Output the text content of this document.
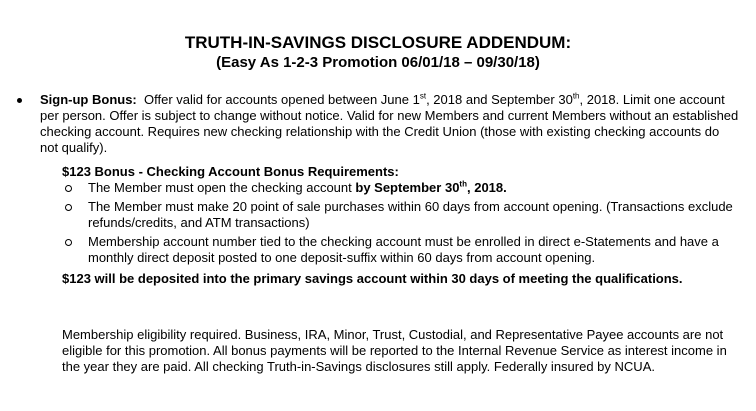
TRUTH-IN-SAVINGS DISCLOSURE ADDENDUM:
(Easy As 1-2-3 Promotion 06/01/18 – 09/30/18)
Sign-up Bonus: Offer valid for accounts opened between June 1st, 2018 and September 30th, 2018. Limit one account per person. Offer is subject to change without notice. Valid for new Members and current Members without an established checking account. Requires new checking relationship with the Credit Union (those with existing checking accounts do not qualify).
$123 Bonus - Checking Account Bonus Requirements:
The Member must open the checking account by September 30th, 2018.
The Member must make 20 point of sale purchases within 60 days from account opening. (Transactions exclude refunds/credits, and ATM transactions)
Membership account number tied to the checking account must be enrolled in direct e-Statements and have a monthly direct deposit posted to one deposit-suffix within 60 days from account opening.
$123 will be deposited into the primary savings account within 30 days of meeting the qualifications.
Membership eligibility required. Business, IRA, Minor, Trust, Custodial, and Representative Payee accounts are not eligible for this promotion. All bonus payments will be reported to the Internal Revenue Service as interest income in the year they are paid. All checking Truth-in-Savings disclosures still apply. Federally insured by NCUA.
